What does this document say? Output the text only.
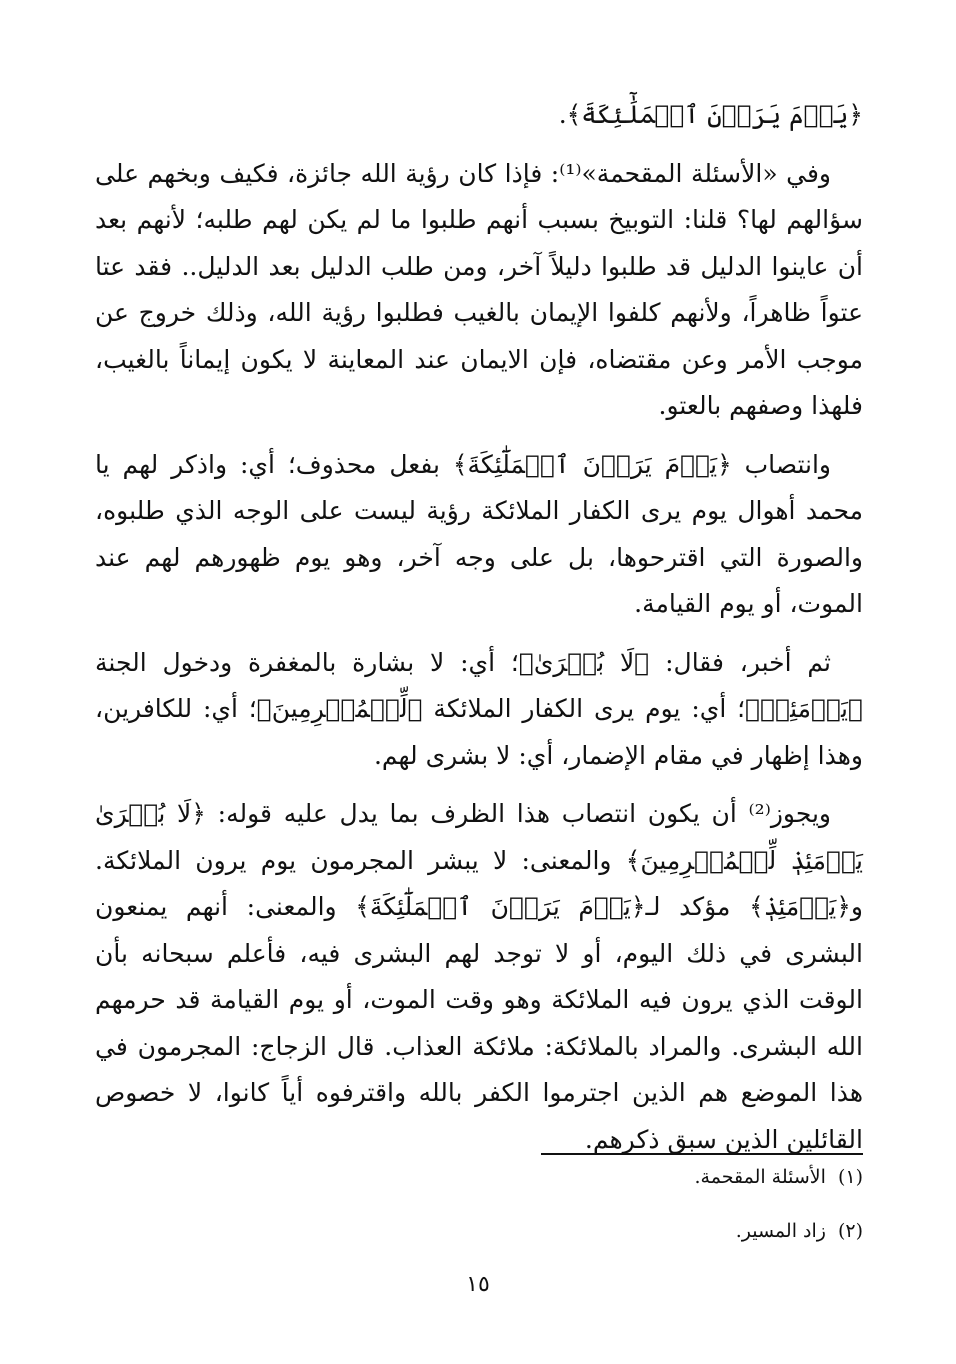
﴿يَوۡمَ يَرَوۡنَ ٱلۡمَلَٰٓئِكَةَ﴾.

وفي «الأسئلة المقحمة»⁽¹⁾: فإذا كان رؤية الله جائزة، فكيف وبخهم على سؤالهم لها؟ قلنا: التوبيخ بسبب أنهم طلبوا ما لم يكن لهم طلبه؛ لأنهم بعد أن عاينوا الدليل قد طلبوا دليلاً آخر، ومن طلب الدليل بعد الدليل.. فقد عتا عتواً ظاهراً، ولأنهم كلفوا الإيمان بالغيب فطلبوا رؤية الله، وذلك خروج عن موجب الأمر وعن مقتضاه، فإن الايمان عند المعاينة لا يكون إيماناً بالغيب، فلهذا وصفهم بالعتو.

وانتصاب ﴿يَوۡمَ يَرَوۡنَ ٱلۡمَلَٰٓئِكَةَ﴾ بفعل محذوف؛ أي: واذكر لهم يا محمد أهوال يوم يرى الكفار الملائكة رؤية ليست على الوجه الذي طلبوه، والصورة التي اقترحوها، بل على وجه آخر، وهو يوم ظهورهم لهم عند الموت، أو يوم القيامة.

ثم أخبر، فقال: ﴿لَا بُشۡرَىٰ﴾؛ أي: لا بشارة بالمغفرة ودخول الجنة ﴿يَوۡمَئِذٖ﴾؛ أي: يوم يرى الكفار الملائكة ﴿لِّلۡمُجۡرِمِينَ﴾؛ أي: للكافرين، وهذا إظهار في مقام الإضمار، أي: لا بشرى لهم.

ويجوز⁽²⁾ أن يكون انتصاب هذا الظرف بما يدل عليه قوله: ﴿لَا بُشۡرَىٰ يَوۡمَئِذٖ لِّلۡمُجۡرِمِينَ﴾ والمعنى: لا يبشر المجرمون يوم يرون الملائكة. و﴿يَوۡمَئِذٖ﴾ مؤكد لـ﴿يَوۡمَ يَرَوۡنَ ٱلۡمَلَٰٓئِكَةَ﴾ والمعنى: أنهم يمنعون البشرى في ذلك اليوم، أو لا توجد لهم البشرى فيه، فأعلم سبحانه بأن الوقت الذي يرون فيه الملائكة وهو وقت الموت، أو يوم القيامة قد حرمهم الله البشرى. والمراد بالملائكة: ملائكة العذاب. قال الزجاج: المجرمون في هذا الموضع هم الذين اجترموا الكفر بالله واقترفوه أياً كانوا، لا خصوص القائلين الذين سبق ذكرهم.

(١)الأسئلة المقحمة.
(٢)زاد المسير.
١٥
